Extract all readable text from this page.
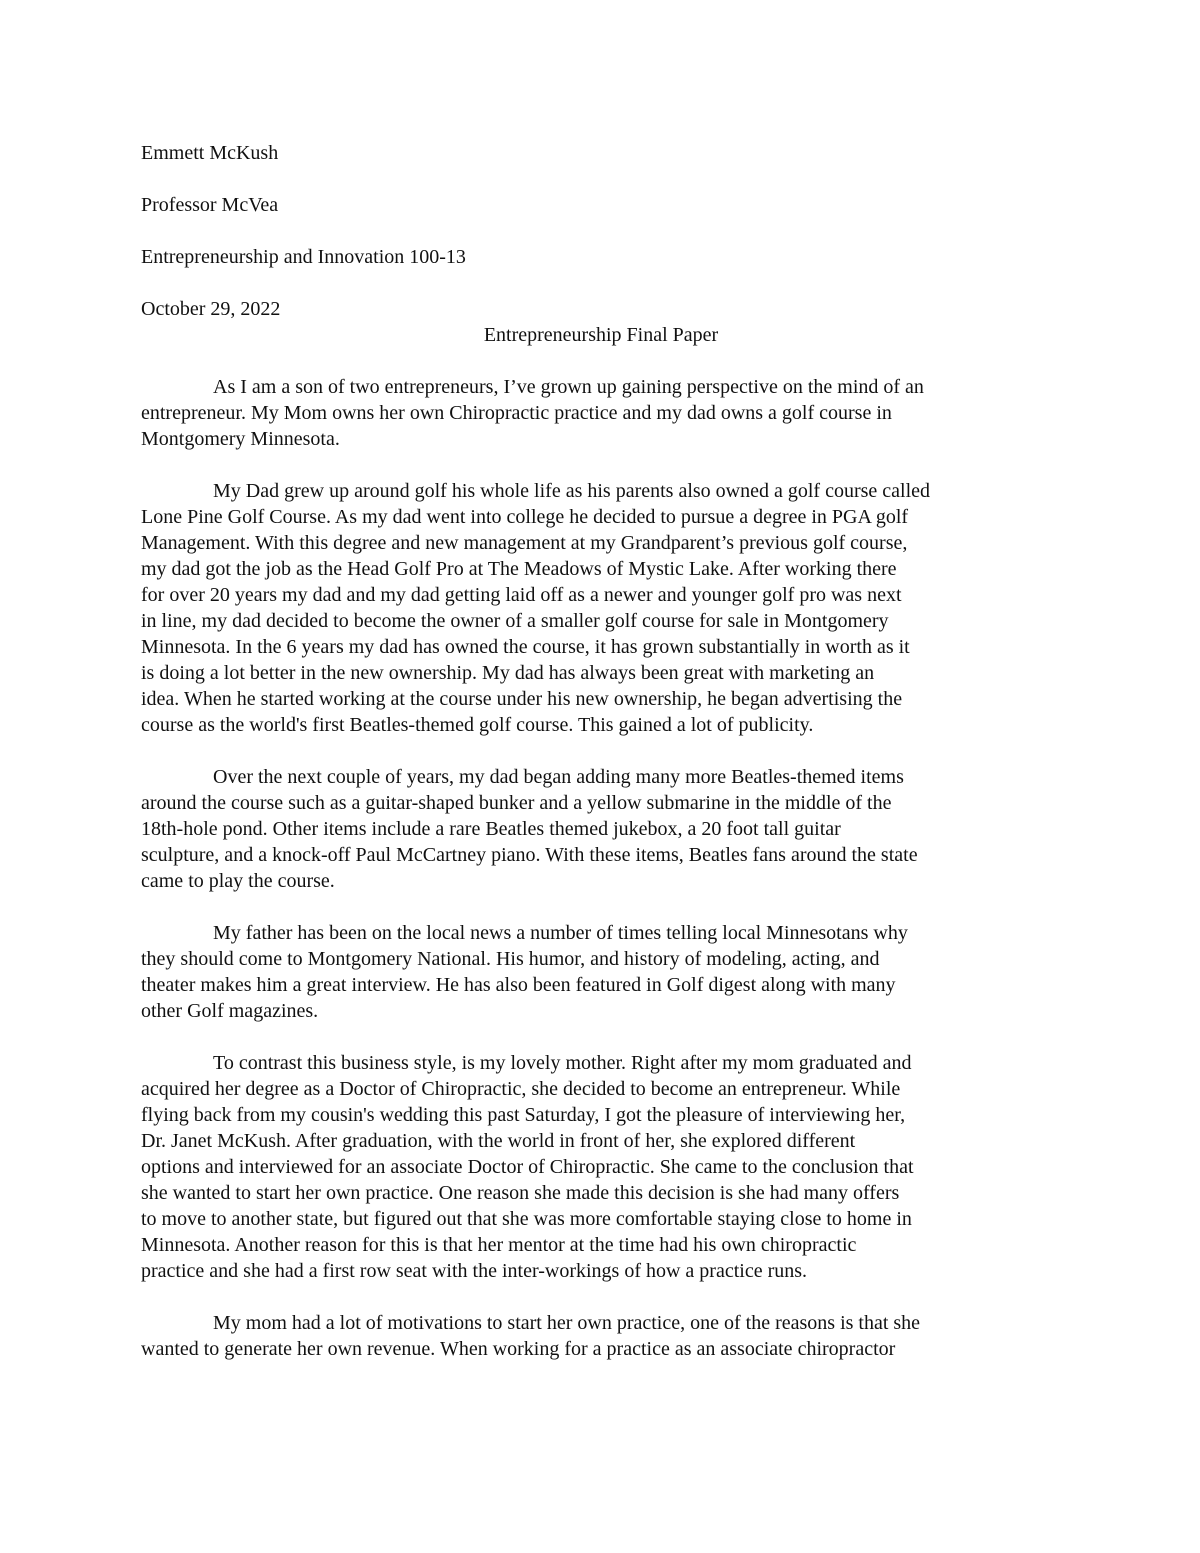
Emmett McKush
Professor McVea
Entrepreneurship and Innovation 100-13
October 29, 2022
Entrepreneurship Final Paper
As I am a son of two entrepreneurs, I’ve grown up gaining perspective on the mind of an
entrepreneur. My Mom owns her own Chiropractic practice and my dad owns a golf course in
Montgomery Minnesota.
My Dad grew up around golf his whole life as his parents also owned a golf course called
Lone Pine Golf Course. As my dad went into college he decided to pursue a degree in PGA golf
Management. With this degree and new management at my Grandparent’s previous golf course,
my dad got the job as the Head Golf Pro at The Meadows of Mystic Lake. After working there
for over 20 years my dad and my dad getting laid off as a newer and younger golf pro was next
in line, my dad decided to become the owner of a smaller golf course for sale in Montgomery
Minnesota. In the 6 years my dad has owned the course, it has grown substantially in worth as it
is doing a lot better in the new ownership. My dad has always been great with marketing an
idea. When he started working at the course under his new ownership, he began advertising the
course as the world's first Beatles-themed golf course. This gained a lot of publicity.
Over the next couple of years, my dad began adding many more Beatles-themed items
around the course such as a guitar-shaped bunker and a yellow submarine in the middle of the
18th-hole pond. Other items include a rare Beatles themed jukebox, a 20 foot tall guitar
sculpture, and a knock-off Paul McCartney piano. With these items, Beatles fans around the state
came to play the course.
My father has been on the local news a number of times telling local Minnesotans why
they should come to Montgomery National. His humor, and history of modeling, acting, and
theater makes him a great interview. He has also been featured in Golf digest along with many
other Golf magazines.
To contrast this business style, is my lovely mother. Right after my mom graduated and
acquired her degree as a Doctor of Chiropractic, she decided to become an entrepreneur. While
flying back from my cousin's wedding this past Saturday, I got the pleasure of interviewing her,
Dr. Janet McKush. After graduation, with the world in front of her, she explored different
options and interviewed for an associate Doctor of Chiropractic. She came to the conclusion that
she wanted to start her own practice. One reason she made this decision is she had many offers
to move to another state, but figured out that she was more comfortable staying close to home in
Minnesota. Another reason for this is that her mentor at the time had his own chiropractic
practice and she had a first row seat with the inter-workings of how a practice runs.
My mom had a lot of motivations to start her own practice, one of the reasons is that she
wanted to generate her own revenue. When working for a practice as an associate chiropractor
